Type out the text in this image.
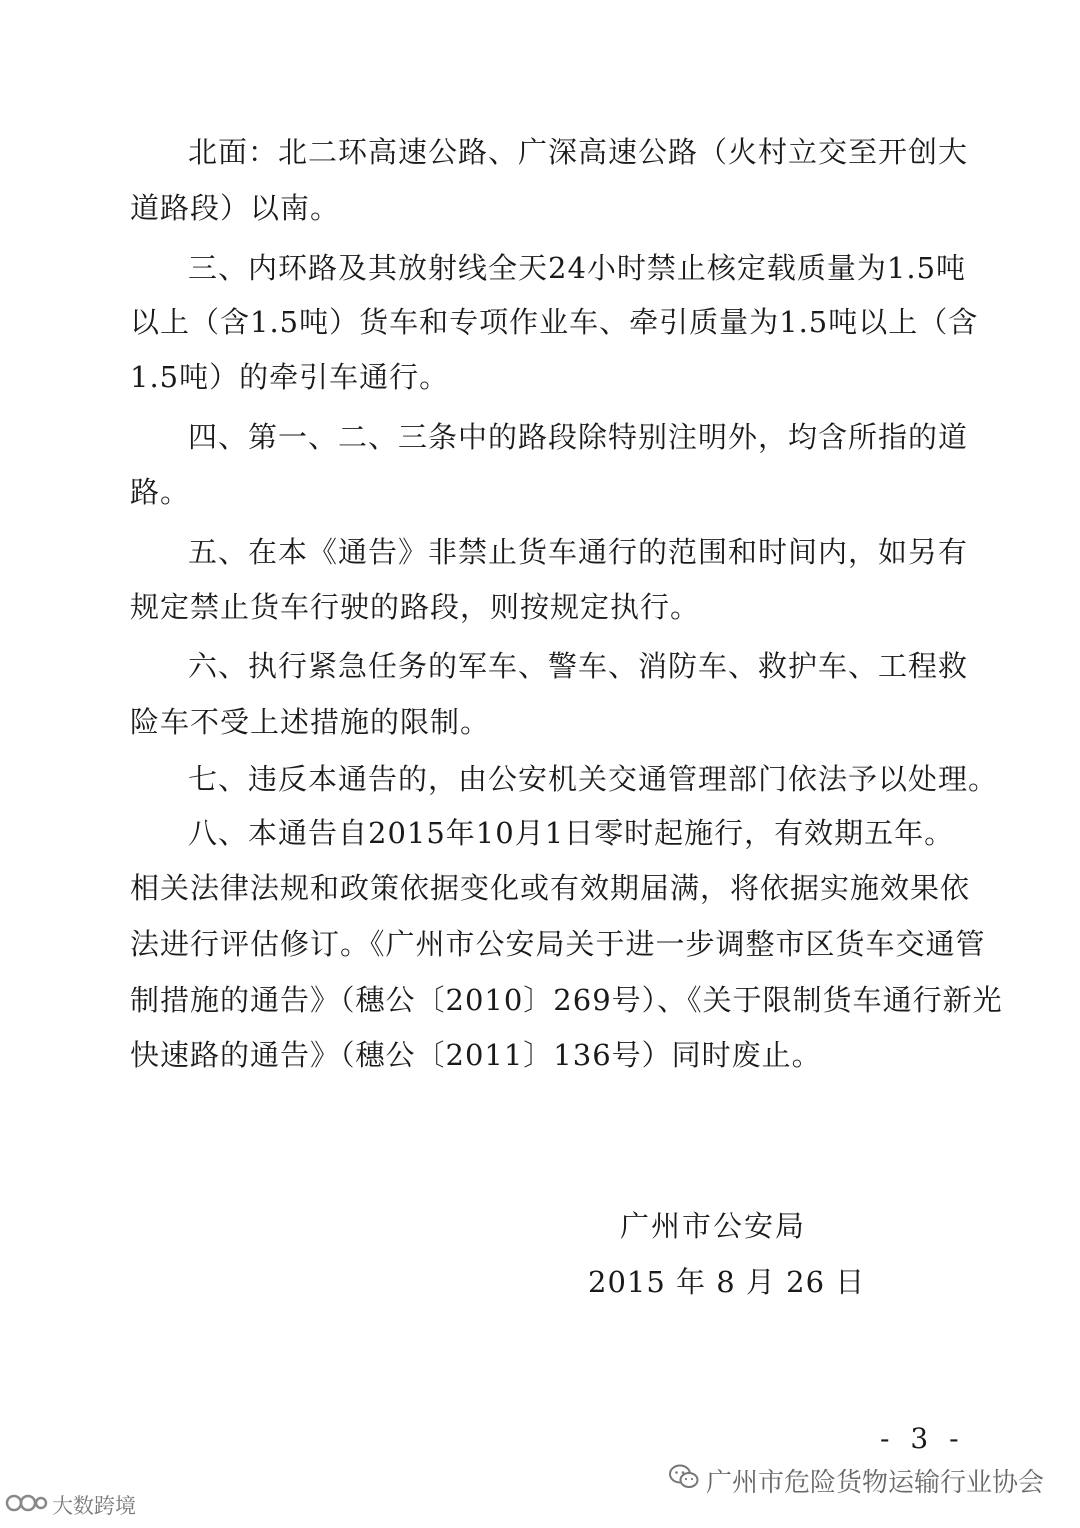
北面：北二环高速公路、广深高速公路（火村立交至开创大
道路段）以南。
三、内环路及其放射线全天24小时禁止核定载质量为1.5吨
以上（含1.5吨）货车和专项作业车、牵引质量为1.5吨以上（含
1.5吨）的牵引车通行。
四、第一、二、三条中的路段除特别注明外，均含所指的道
路。
五、在本《通告》非禁止货车通行的范围和时间内，如另有
规定禁止货车行驶的路段，则按规定执行。
六、执行紧急任务的军车、警车、消防车、救护车、工程救
险车不受上述措施的限制。
七、违反本通告的，由公安机关交通管理部门依法予以处理。
八、本通告自2015年10月1日零时起施行，有效期五年。
相关法律法规和政策依据变化或有效期届满，将依据实施效果依
法进行评估修订。《广州市公安局关于进一步调整市区货车交通管
制措施的通告》（穗公〔2010〕269号）、《关于限制货车通行新光
快速路的通告》（穗公〔2011〕136号）同时废止。
广州市公安局
2015 年 8 月 26 日
- 3 -
广州市危险货物运输行业协会
大数跨境
